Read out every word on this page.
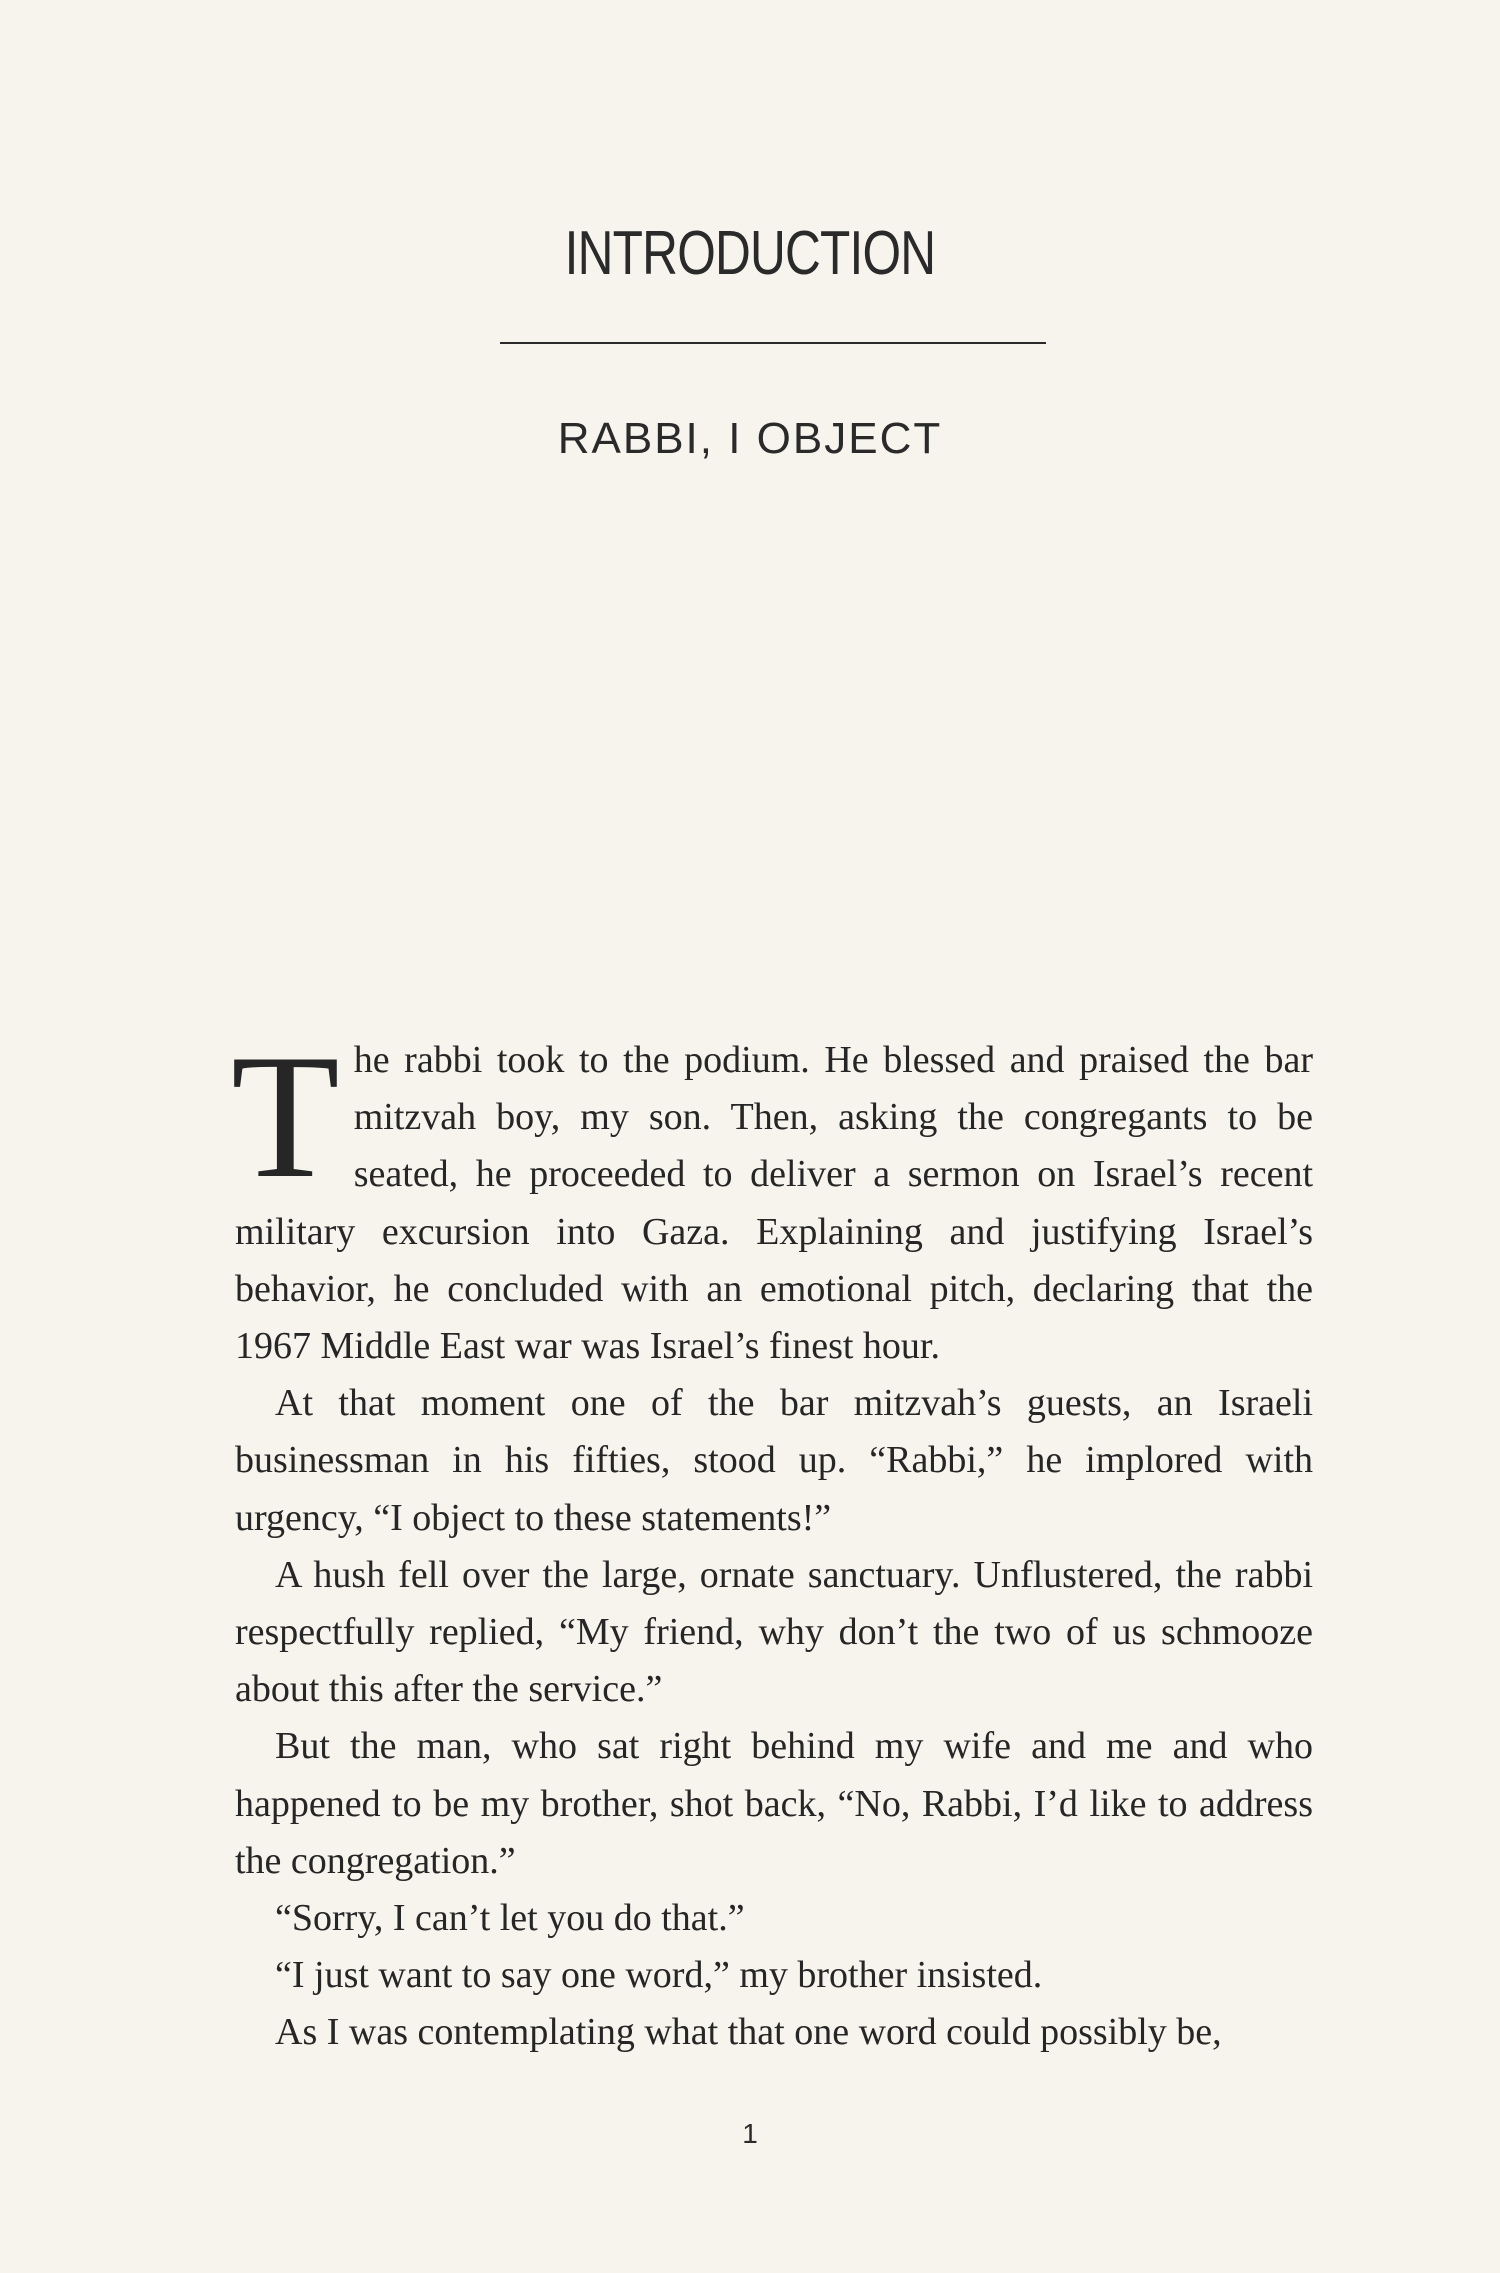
INTRODUCTION
RABBI, I OBJECT

The rabbi took to the podium. He blessed and praised the bar mitzvah boy, my son. Then, asking the congregants to be seated, he proceeded to deliver a sermon on Israel’s recent military excursion into Gaza. Explaining and justifying Israel’s behavior, he concluded with an emotional pitch, declaring that the 1967 Middle East war was Israel’s finest hour.

At that moment one of the bar mitzvah’s guests, an Israeli businessman in his fifties, stood up. “Rabbi,” he implored with urgency, “I object to these statements!”

A hush fell over the large, ornate sanctuary. Unflustered, the rabbi respectfully replied, “My friend, why don’t the two of us schmooze about this after the service.”

But the man, who sat right behind my wife and me and who happened to be my brother, shot back, “No, Rabbi, I’d like to address the congregation.”

“Sorry, I can’t let you do that.”

“I just want to say one word,” my brother insisted.

As I was contemplating what that one word could possibly be,

1
